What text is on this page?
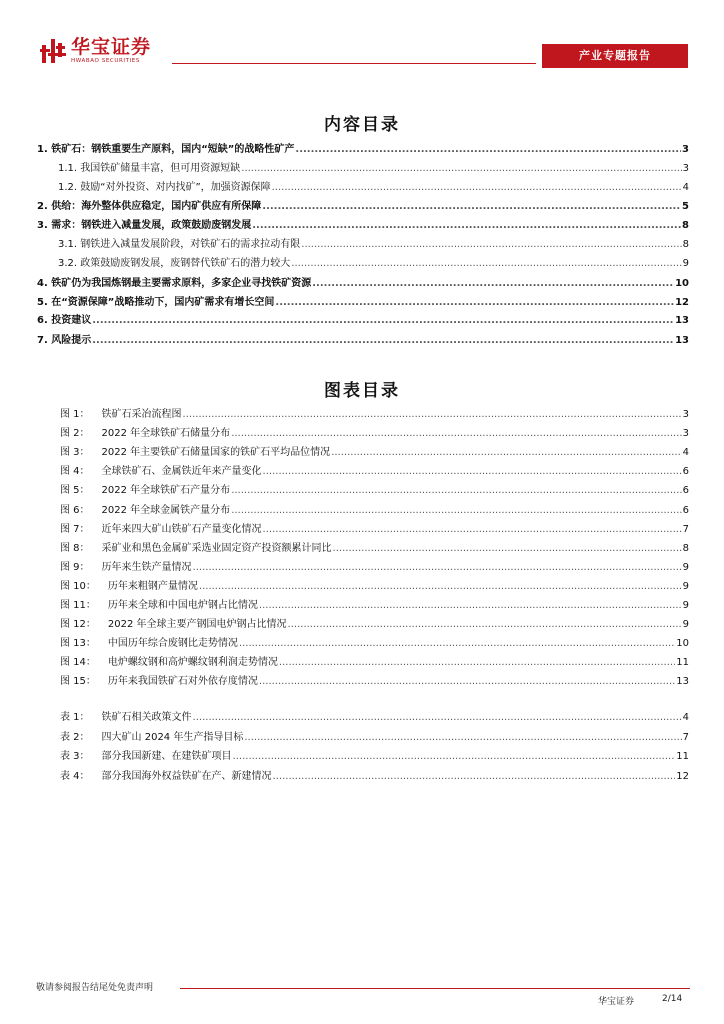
华宝证券
HWABAO SECURITIES	产业专题报告
内容目录
1. 铁矿石：钢铁重要生产原料，国内“短缺”的战略性矿产 .....	3
1.1. 我国铁矿储量丰富，但可用资源短缺 .....	3
1.2. 鼓励“对外投资、对内找矿”，加强资源保障 .....	4
2. 供给：海外整体供应稳定，国内矿供应有所保障 .....	5
3. 需求：钢铁进入减量发展，政策鼓励废钢发展 .....	8
3.1. 钢铁进入减量发展阶段，对铁矿石的需求拉动有限 .....	8
3.2. 政策鼓励废钢发展，废钢替代铁矿石的潜力较大 .....	9
4. 铁矿仍为我国炼钢最主要需求原料，多家企业寻找铁矿资源 .....	10
5. 在“资源保障”战略推动下，国内矿需求有增长空间 .....	12
6. 投资建议 .....	13
7. 风险提示 .....	13
图表目录
图 1： 铁矿石采冶流程图 .....	3
图 2： 2022 年全球铁矿石储量分布 .....	3
图 3： 2022 年主要铁矿石储量国家的铁矿石平均品位情况 .....	4
图 4： 全球铁矿石、金属铁近年来产量变化 .....	6
图 5： 2022 年全球铁矿石产量分布 .....	6
图 6： 2022 年全球金属铁产量分布 .....	6
图 7： 近年来四大矿山铁矿石产量变化情况 .....	7
图 8： 采矿业和黑色金属矿采选业固定资产投资额累计同比 .....	8
图 9： 历年来生铁产量情况 .....	9
图 10： 历年来粗钢产量情况 .....	9
图 11： 历年来全球和中国电炉钢占比情况 .....	9
图 12： 2022 年全球主要产钢国电炉钢占比情况 .....	9
图 13： 中国历年综合废钢比走势情况 .....	10
图 14： 电炉螺纹钢和高炉螺纹钢利润走势情况 .....	11
图 15： 历年来我国铁矿石对外依存度情况 .....	13
表 1： 铁矿石相关政策文件 .....	4
表 2： 四大矿山 2024 年生产指导目标 .....	7
表 3： 部分我国新建、在建铁矿项目 .....	11
表 4： 部分我国海外权益铁矿在产、新建情况 .....	12
敬请参阅报告结尾处免责声明
华宝证券	2/14
